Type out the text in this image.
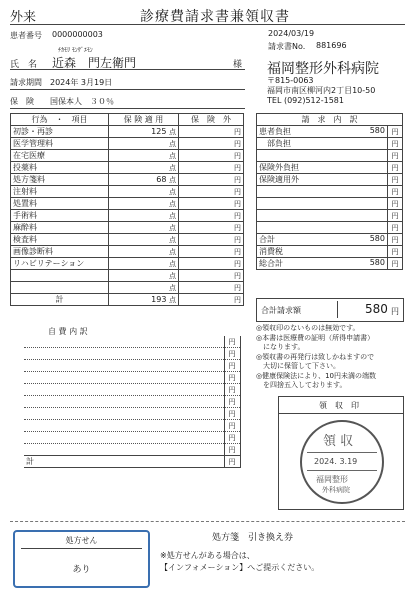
外来	診療費請求書兼領収書
患者番号 0000000003	2024/03/19
請求書No. 881696
ﾁｶﾓﾘ ﾓﾝｻﾞｴﾓﾝ
氏　名 近森　門左衛門	様 福岡整形外科病院
〒815-0063
福岡市南区柳河内2丁目10-50
TEL (092)512-1581
請求期間 2024年 3月19日
保　険 国保本人　３０％
行為　・　項目	保 険 適 用	保　険　外
初診・再診	125 点	円
医学管理料	点	円
在宅医療	点	円
投薬料	点	円
処方箋料	68 点	円
注射料	点	円
処置料	点	円
手術料	点	円
麻酔料	点	円
検査料	点	円
画像診断料	点	円
リハビリテーション	点	円
	点	円
	点	円
計	193 点	円
請　求　内　訳	
患者負担 580	円
　部負担	円

	円
保険外負担	円
保険適用外	円

	円

	円

	円

	円
合計 580	円
消費税	円
総合計 580	円
合計請求額	580 円
自 費 内 訳
	円
	円
	円
	円
	円
	円
	円
	円
	円
	円
計	円
◎領収印のないものは無効です。
◎本書は医療費の証明（所得申請書）
　になります。
◎領収書の再発行は致しかねますので
　大切に保管して下さい。
◎健康保険法により、10円未満の端数
　を四捨五入しております。
領　収　印
領 収
2024. 3.19
福岡整形
外科病院
処方せん
あり
処方箋　引き換え券
※処方せんがある場合は、
【インフォメーション】へご提示ください。
